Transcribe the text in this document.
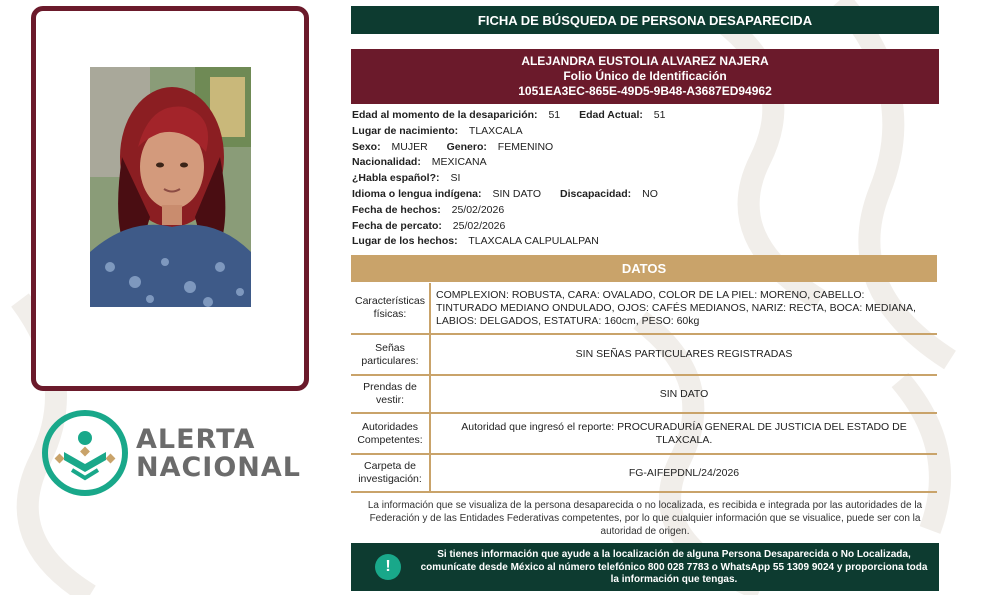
ALERTA
NACIONAL
FICHA DE BÚSQUEDA DE PERSONA DESAPARECIDA
ALEJANDRA EUSTOLIA ALVAREZ NAJERA
Folio Único de Identificación
1051EA3EC-865E-49D5-9B48-A3687ED94962
Edad al momento de la desaparición: 51 Edad Actual: 51
Lugar de nacimiento: TLAXCALA
Sexo: MUJER Genero: FEMENINO
Nacionalidad: MEXICANA
¿Habla español?: SI
Idioma o lengua indígena: SIN DATO Discapacidad: NO
Fecha de hechos: 25/02/2026
Fecha de percato: 25/02/2026
Lugar de los hechos: TLAXCALA CALPULALPAN
DATOS
Características físicas:
COMPLEXION: ROBUSTA, CARA: OVALADO, COLOR DE LA PIEL: MORENO, CABELLO: TINTURADO MEDIANO ONDULADO, OJOS: CAFÉS MEDIANOS, NARIZ: RECTA, BOCA: MEDIANA, LABIOS: DELGADOS, ESTATURA: 160cm, PESO: 60kg
Señas particulares:
SIN SEÑAS PARTICULARES REGISTRADAS
Prendas de vestir:
SIN DATO
Autoridades Competentes:
Autoridad que ingresó el reporte: PROCURADURÍA GENERAL DE JUSTICIA DEL ESTADO DE TLAXCALA.
Carpeta de investigación:
FG-AIFEPDNL/24/2026
La información que se visualiza de la persona desaparecida o no localizada, es recibida e integrada por las autoridades de la Federación y de las Entidades Federativas competentes, por lo que cualquier información que se visualice, puede ser con la autoridad de origen.
!
Si tienes información que ayude a la localización de alguna Persona Desaparecida o No Localizada, comunícate desde México al número telefónico 800 028 7783 o WhatsApp 55 1309 9024 y proporciona toda la información que tengas.
